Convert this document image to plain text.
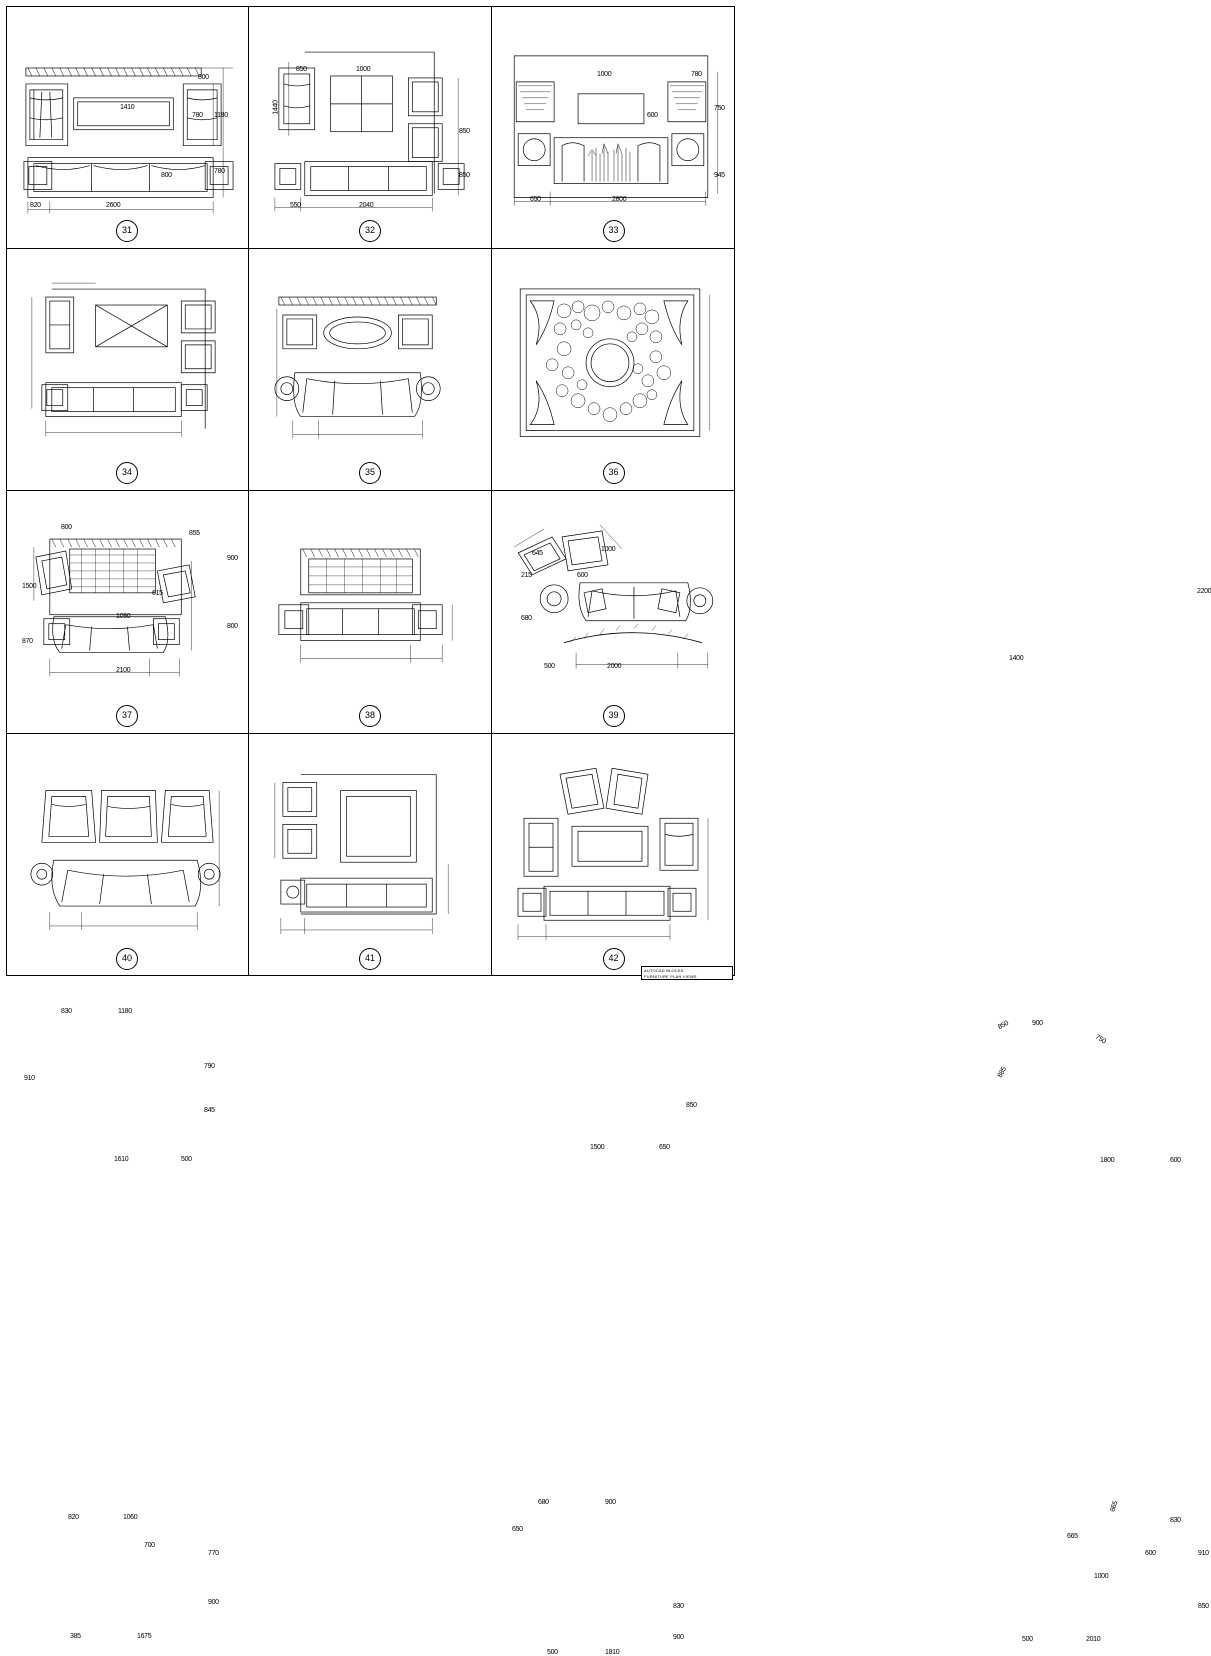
1410
800
780 1180
780
800
820	2600
31
850	1000
1440
850
850
550	2040
32
1000	780
600
750
945
650	2800
33
800
855
900
1500
615
800
1090
870
2100
34
645
1000
215	600
680
500	2000
35
2200
1400
36
830	1180
910
790
845
1610	500
37
850
1500	650
38
850	900
750
885
1800	600
39
820	1060
700
770
900
385	1675
40
680	900
650
830
900
500	1810
41
865
830
665
600	910
1000
850
500	2010
42
AUTOCAD BLOCKS
FURNITURE PLAN VIEWS
